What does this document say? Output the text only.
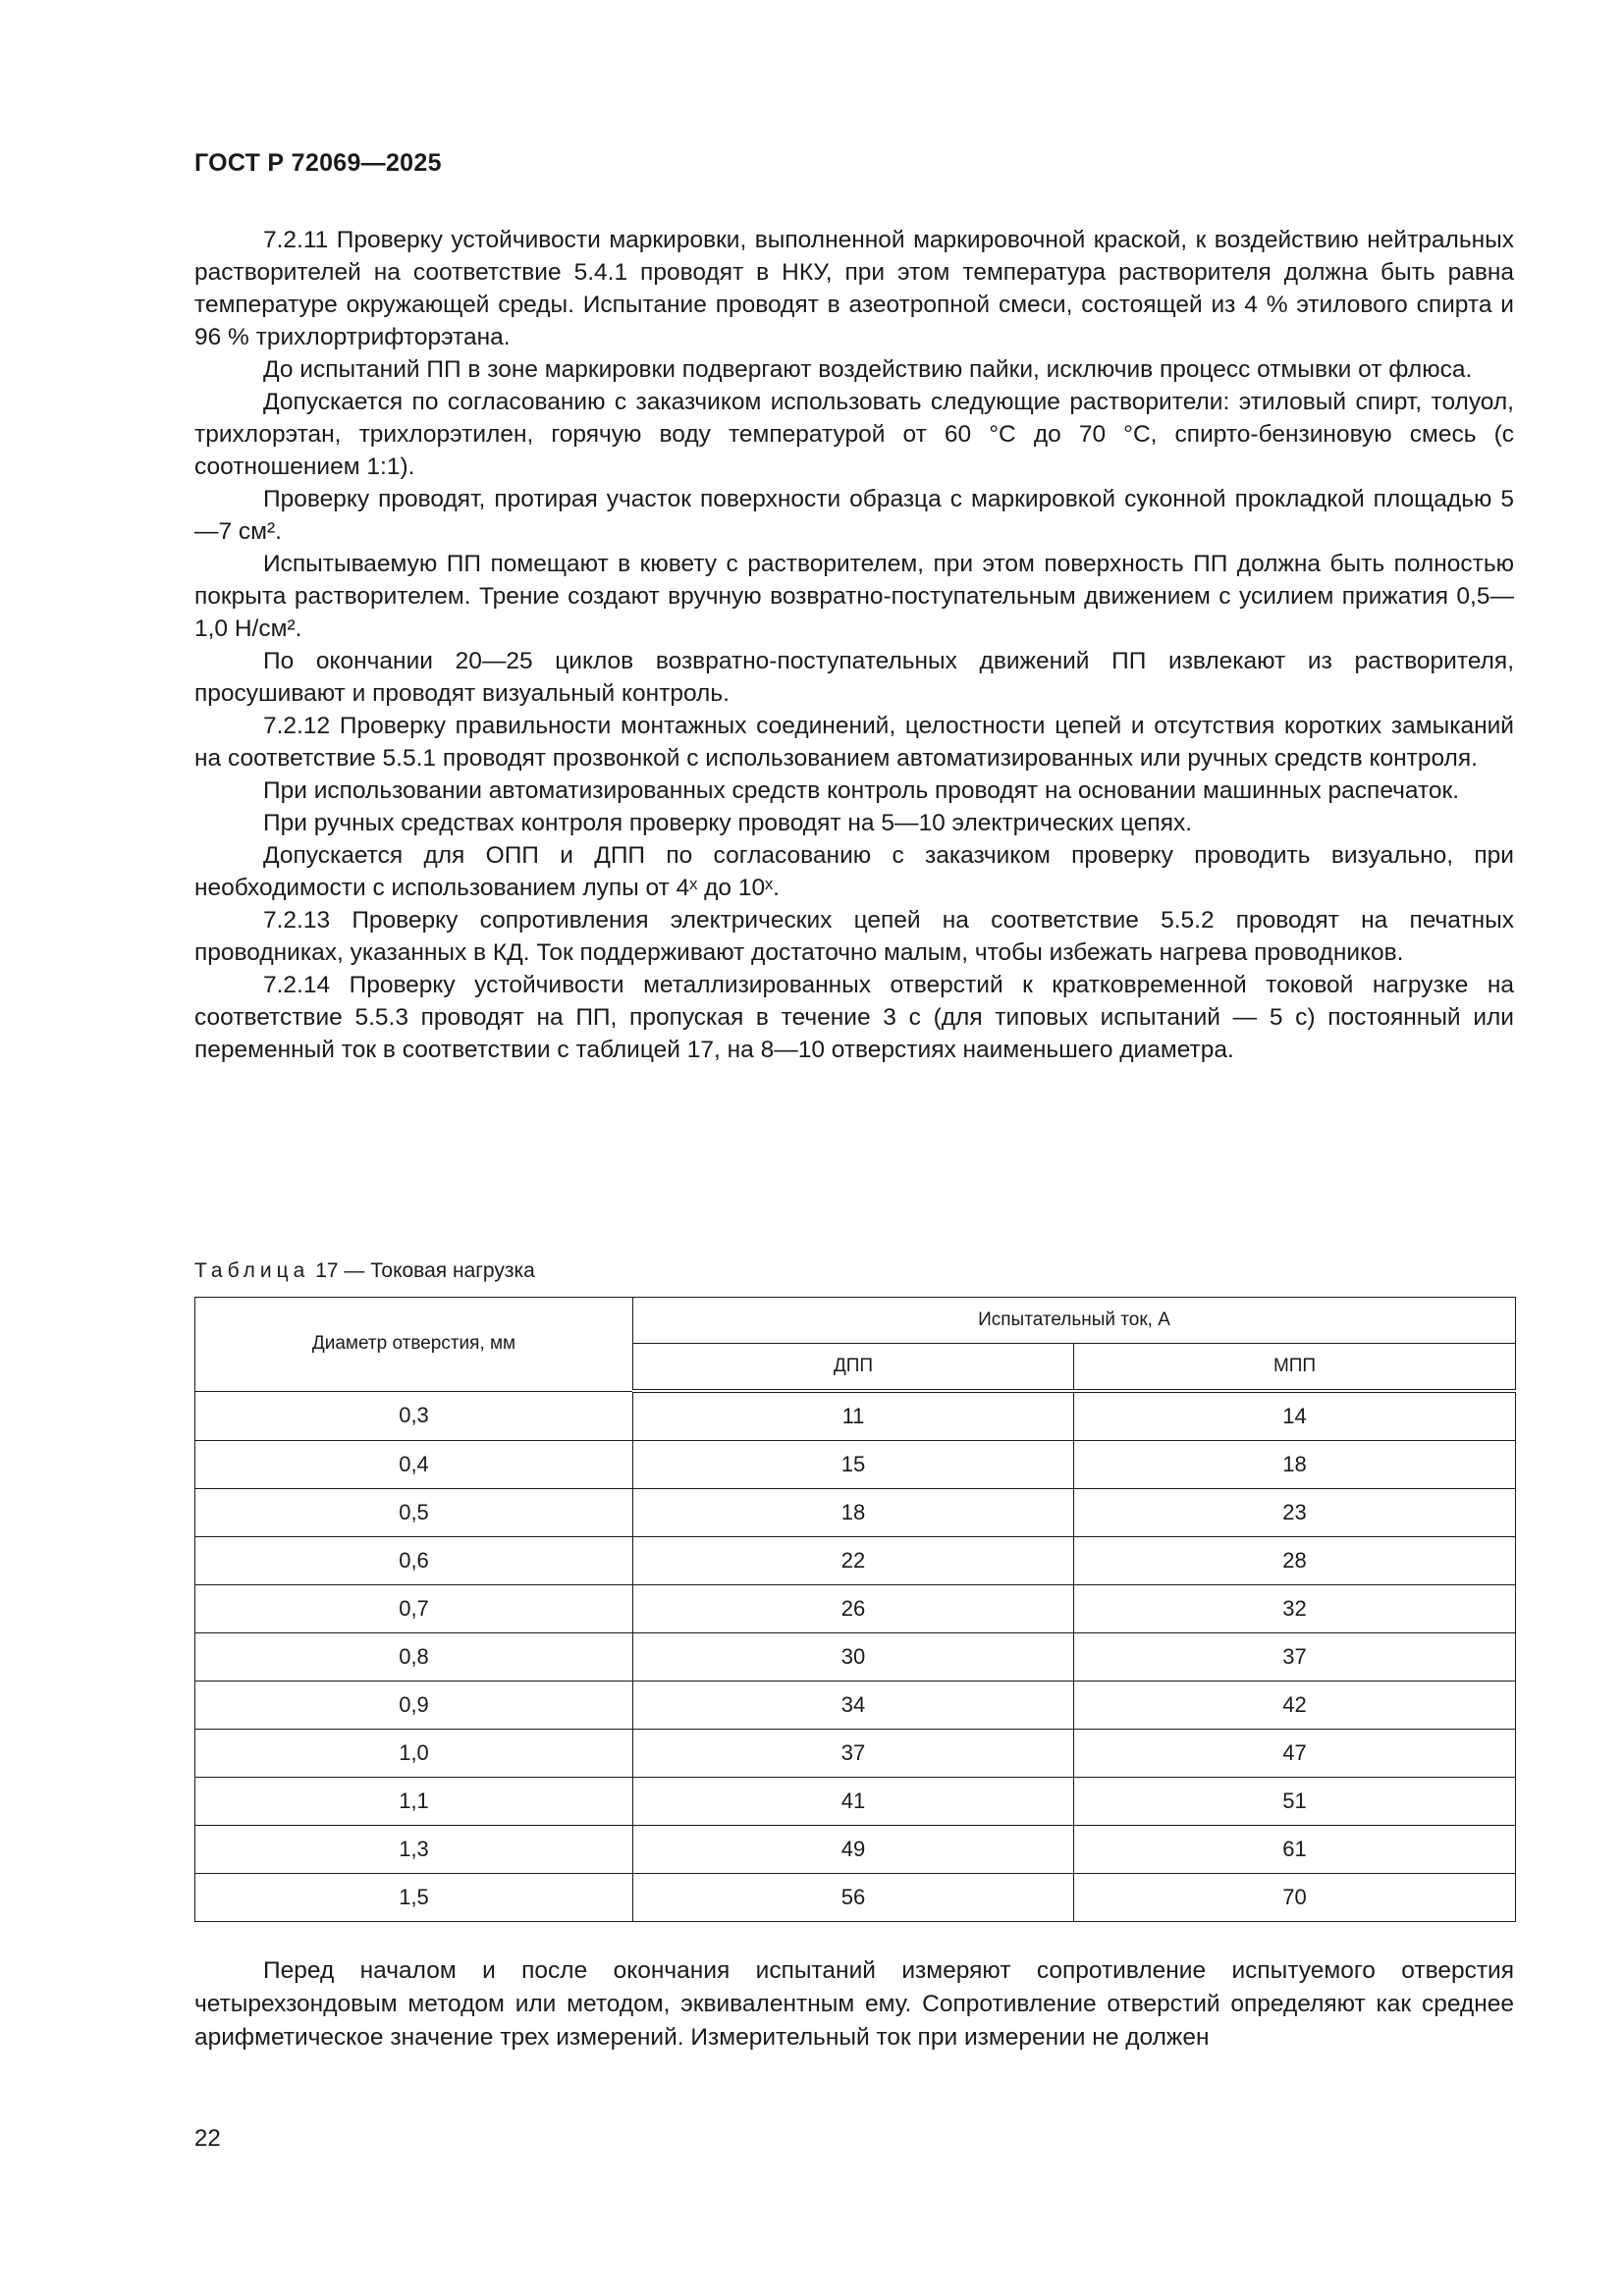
ГОСТ Р 72069—2025

7.2.11 Проверку устойчивости маркировки, выполненной маркировочной краской, к воздействию нейтральных растворителей на соответствие 5.4.1 проводят в НКУ, при этом температура растворителя должна быть равна температуре окружающей среды. Испытание проводят в азеотропной смеси, состоящей из 4 % этилового спирта и 96 % трихлортрифторэтана.

До испытаний ПП в зоне маркировки подвергают воздействию пайки, исключив процесс отмывки от флюса.

Допускается по согласованию с заказчиком использовать следующие растворители: этиловый спирт, толуол, трихлорэтан, трихлорэтилен, горячую воду температурой от 60 °С до 70 °С, спирто-бензиновую смесь (с соотношением 1:1).

Проверку проводят, протирая участок поверхности образца с маркировкой суконной прокладкой площадью 5—7 см².

Испытываемую ПП помещают в кювету с растворителем, при этом поверхность ПП должна быть полностью покрыта растворителем. Трение создают вручную возвратно-поступательным движением с усилием прижатия 0,5—1,0 Н/см².

По окончании 20—25 циклов возвратно-поступательных движений ПП извлекают из растворителя, просушивают и проводят визуальный контроль.

7.2.12 Проверку правильности монтажных соединений, целостности цепей и отсутствия коротких замыканий на соответствие 5.5.1 проводят прозвонкой с использованием автоматизированных или ручных средств контроля.

При использовании автоматизированных средств контроль проводят на основании машинных распечаток.

При ручных средствах контроля проверку проводят на 5—10 электрических цепях.

Допускается для ОПП и ДПП по согласованию с заказчиком проверку проводить визуально, при необходимости с использованием лупы от 4ˣ до 10ˣ.

7.2.13 Проверку сопротивления электрических цепей на соответствие 5.5.2 проводят на печатных проводниках, указанных в КД. Ток поддерживают достаточно малым, чтобы избежать нагрева проводников.

7.2.14 Проверку устойчивости металлизированных отверстий к кратковременной токовой нагрузке на соответствие 5.5.3 проводят на ПП, пропуская в течение 3 с (для типовых испытаний — 5 с) постоянный или переменный ток в соответствии с таблицей 17, на 8—10 отверстиях наименьшего диаметра.

Таблица 17 — Токовая нагрузка
Диаметр отверстия, мм	Испытательный ток, А	
	ДПП	МПП
0,3	11	14
0,4	15	18
0,5	18	23
0,6	22	28
0,7	26	32
0,8	30	37
0,9	34	42
1,0	37	47
1,1	41	51
1,3	49	61
1,5	56	70

Перед началом и после окончания испытаний измеряют сопротивление испытуемого отверстия четырехзондовым методом или методом, эквивалентным ему. Сопротивление отверстий определяют как среднее арифметическое значение трех измерений. Измерительный ток при измерении не должен

22
